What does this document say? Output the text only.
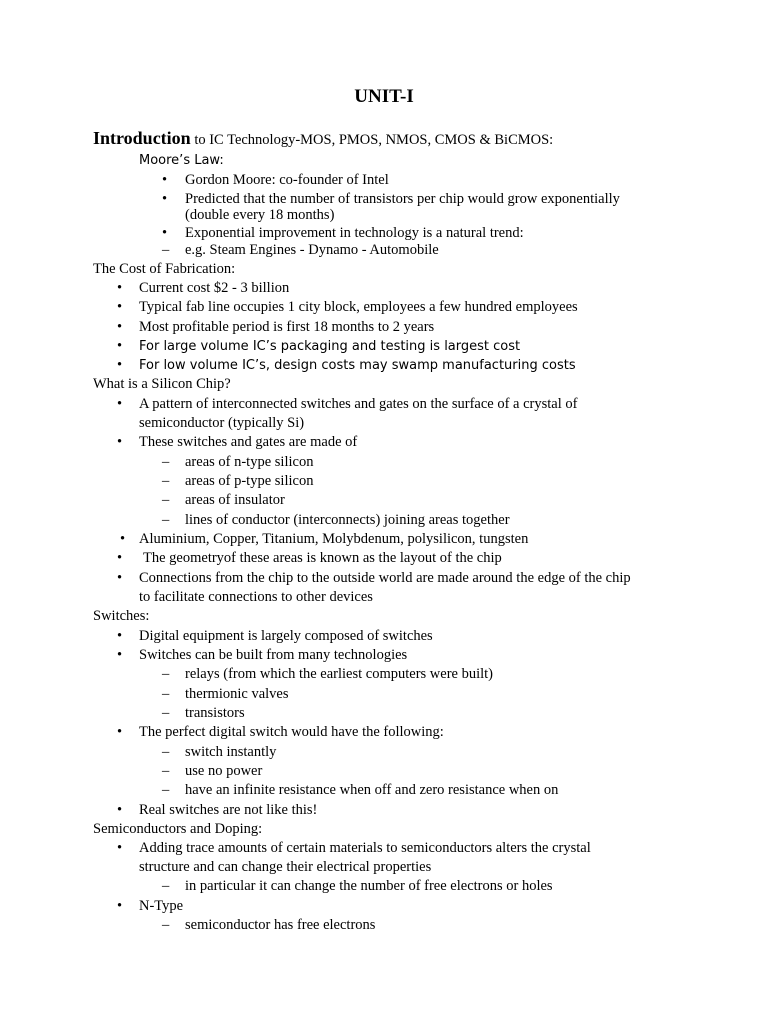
UNIT-I
Introduction to IC Technology-MOS, PMOS, NMOS, CMOS & BiCMOS:
Moore’s Law:
• Gordon Moore: co-founder of Intel
• Predicted that the number of transistors per chip would grow exponentially
(double every 18 months)
• Exponential improvement in technology is a natural trend:
– e.g. Steam Engines - Dynamo - Automobile
The Cost of Fabrication:
• Current cost $2 - 3 billion
• Typical fab line occupies 1 city block, employees a few hundred employees
• Most profitable period is first 18 months to 2 years
• For large volume IC’s packaging and testing is largest cost
• For low volume IC’s, design costs may swamp manufacturing costs
What is a Silicon Chip?
• A pattern of interconnected switches and gates on the surface of a crystal of
semiconductor (typically Si)
• These switches and gates are made of
– areas of n-type silicon
– areas of p-type silicon
– areas of insulator
– lines of conductor (interconnects) joining areas together
• Aluminium, Copper, Titanium, Molybdenum, polysilicon, tungsten
• The geometryof these areas is known as the layout of the chip
• Connections from the chip to the outside world are made around the edge of the chip
to facilitate connections to other devices
Switches:
• Digital equipment is largely composed of switches
• Switches can be built from many technologies
– relays (from which the earliest computers were built)
– thermionic valves
– transistors
• The perfect digital switch would have the following:
– switch instantly
– use no power
– have an infinite resistance when off and zero resistance when on
• Real switches are not like this!
Semiconductors and Doping:
• Adding trace amounts of certain materials to semiconductors alters the crystal
structure and can change their electrical properties
– in particular it can change the number of free electrons or holes
• N-Type
– semiconductor has free electrons
